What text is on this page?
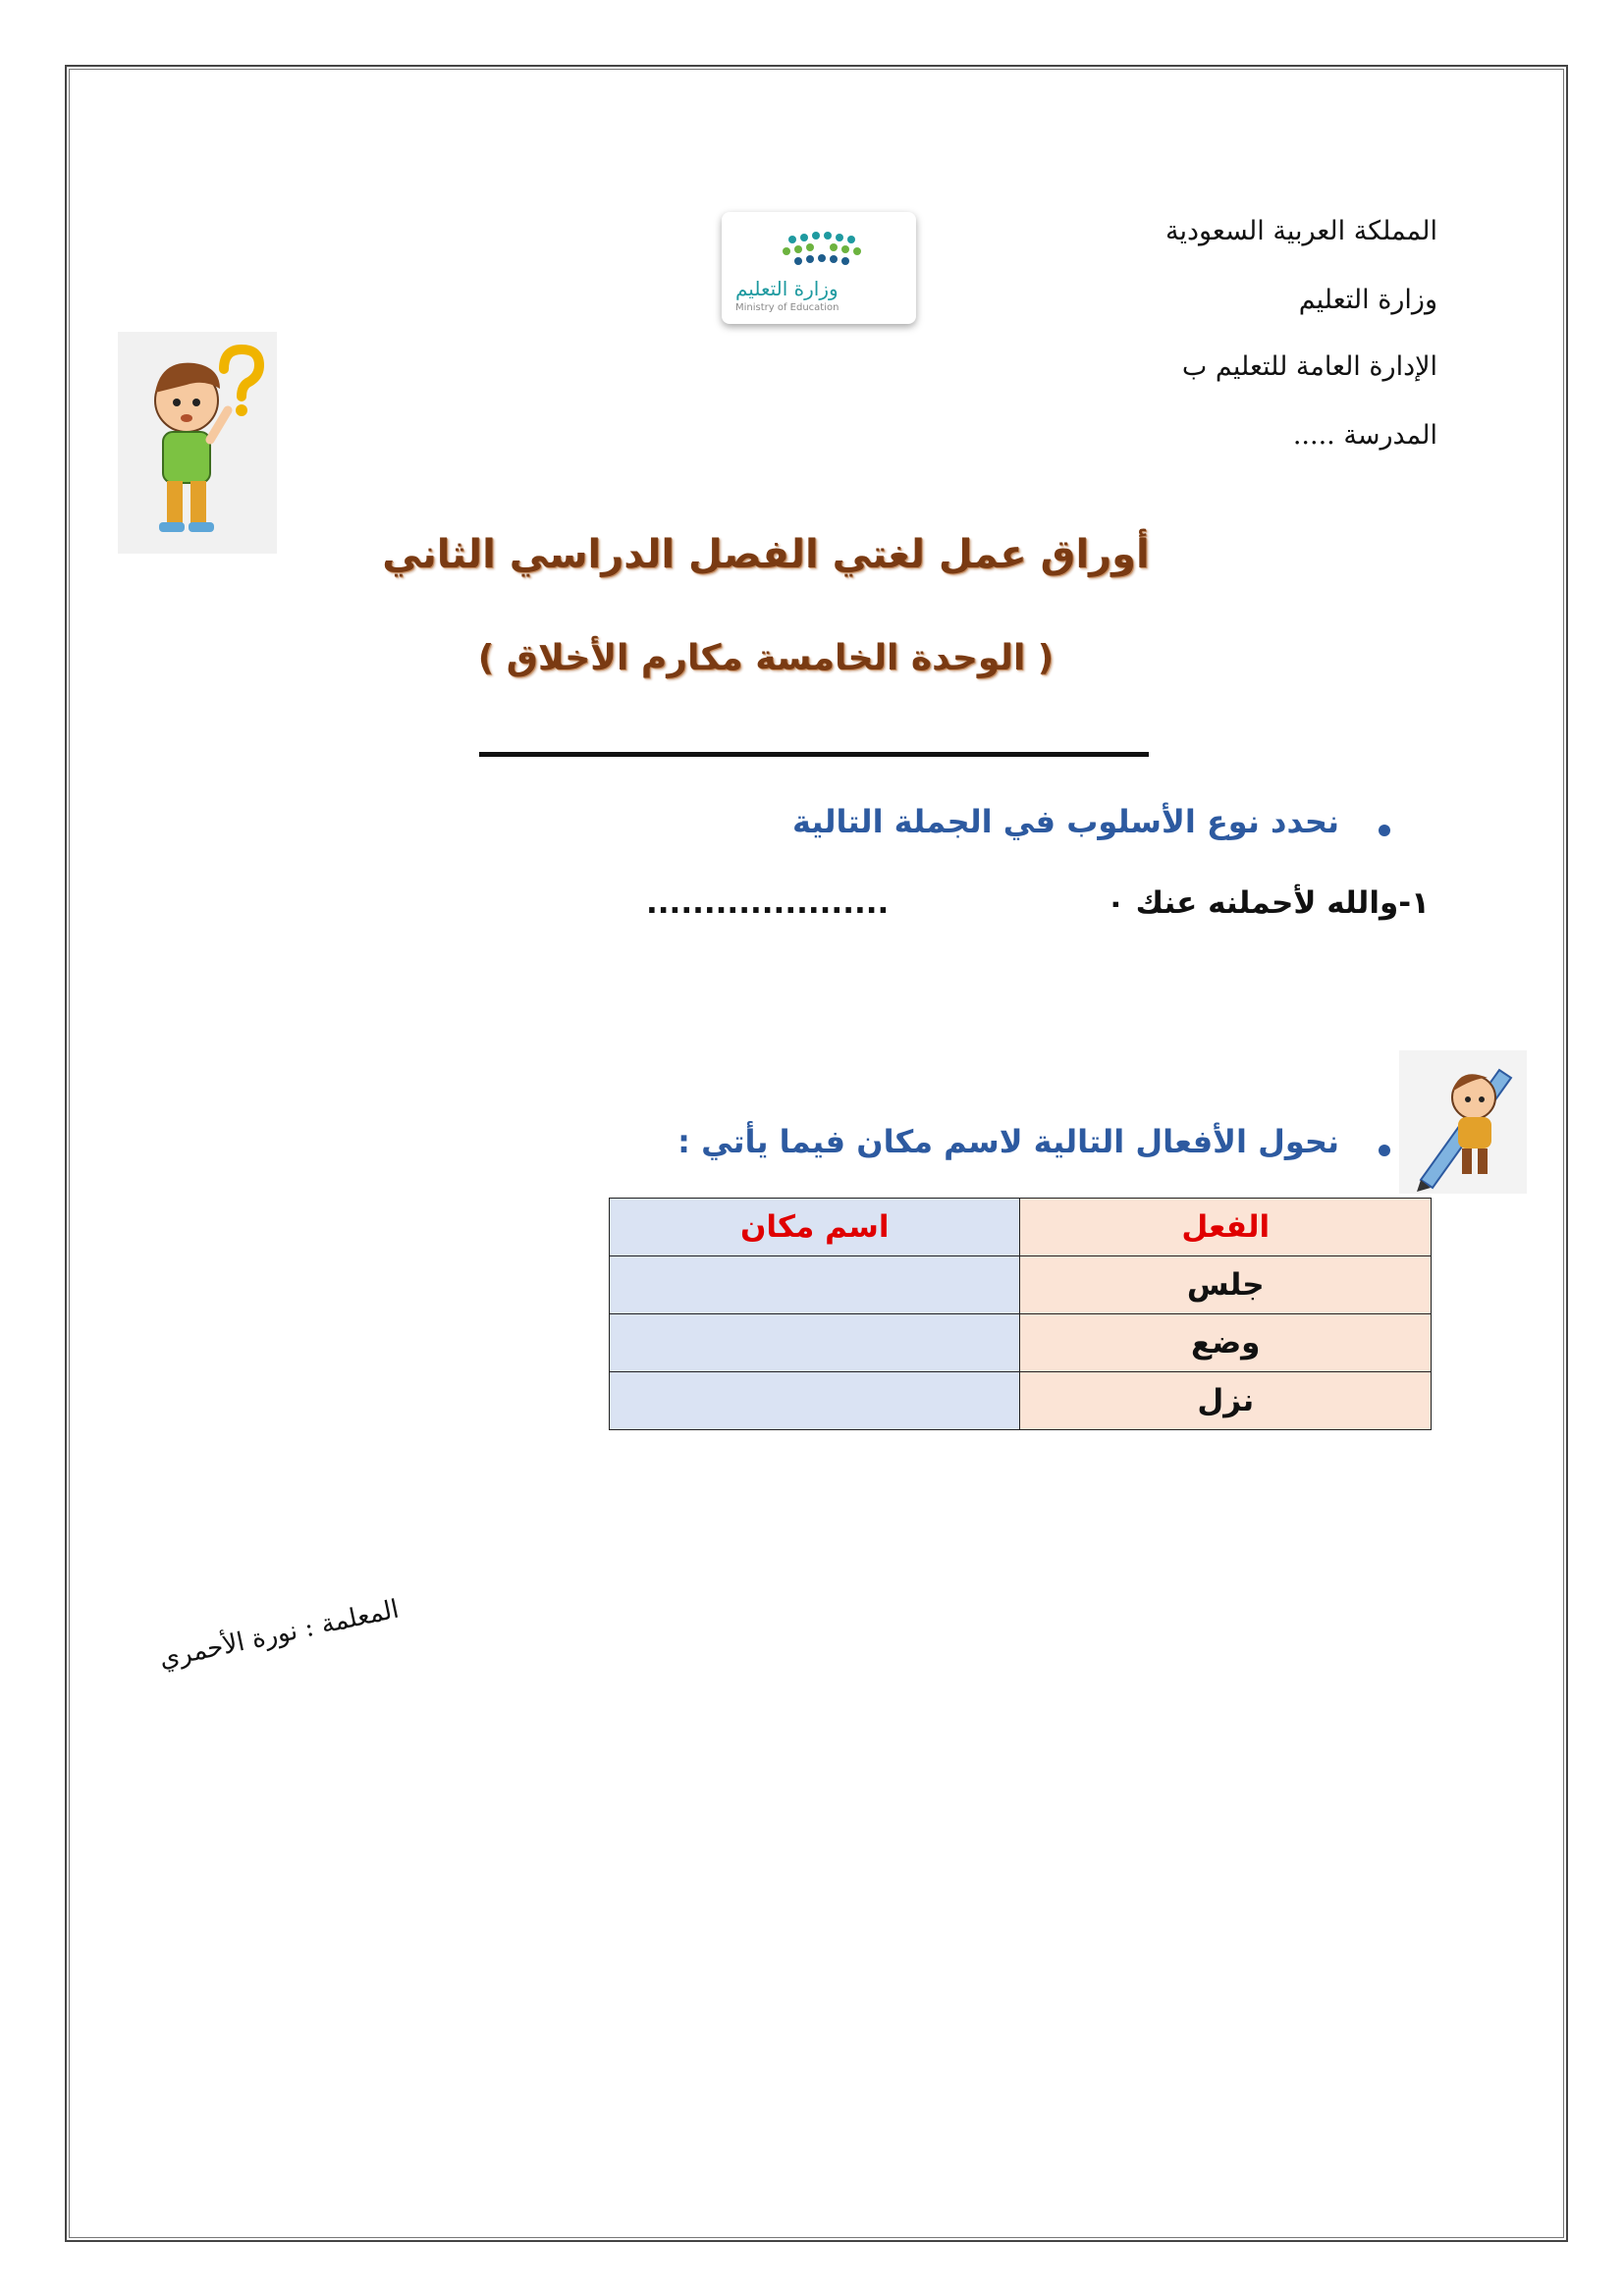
المملكة العربية السعودية
وزارة التعليم
الإدارة العامة للتعليم ب
المدرسة .....
وزارة التعليم
Ministry of Education
أوراق عمل لغتي الفصل الدراسي الثاني
( الوحدة الخامسة مكارم الأخلاق )
نحدد نوع الأسلوب في الجملة التالية
١-والله لأحملنه عنك ٠
.....................
نحول الأفعال التالية لاسم مكان فيما يأتي :
الفعل	اسم مكان
جلس	
وضع	
نزل	
المعلمة : نورة الأحمري
